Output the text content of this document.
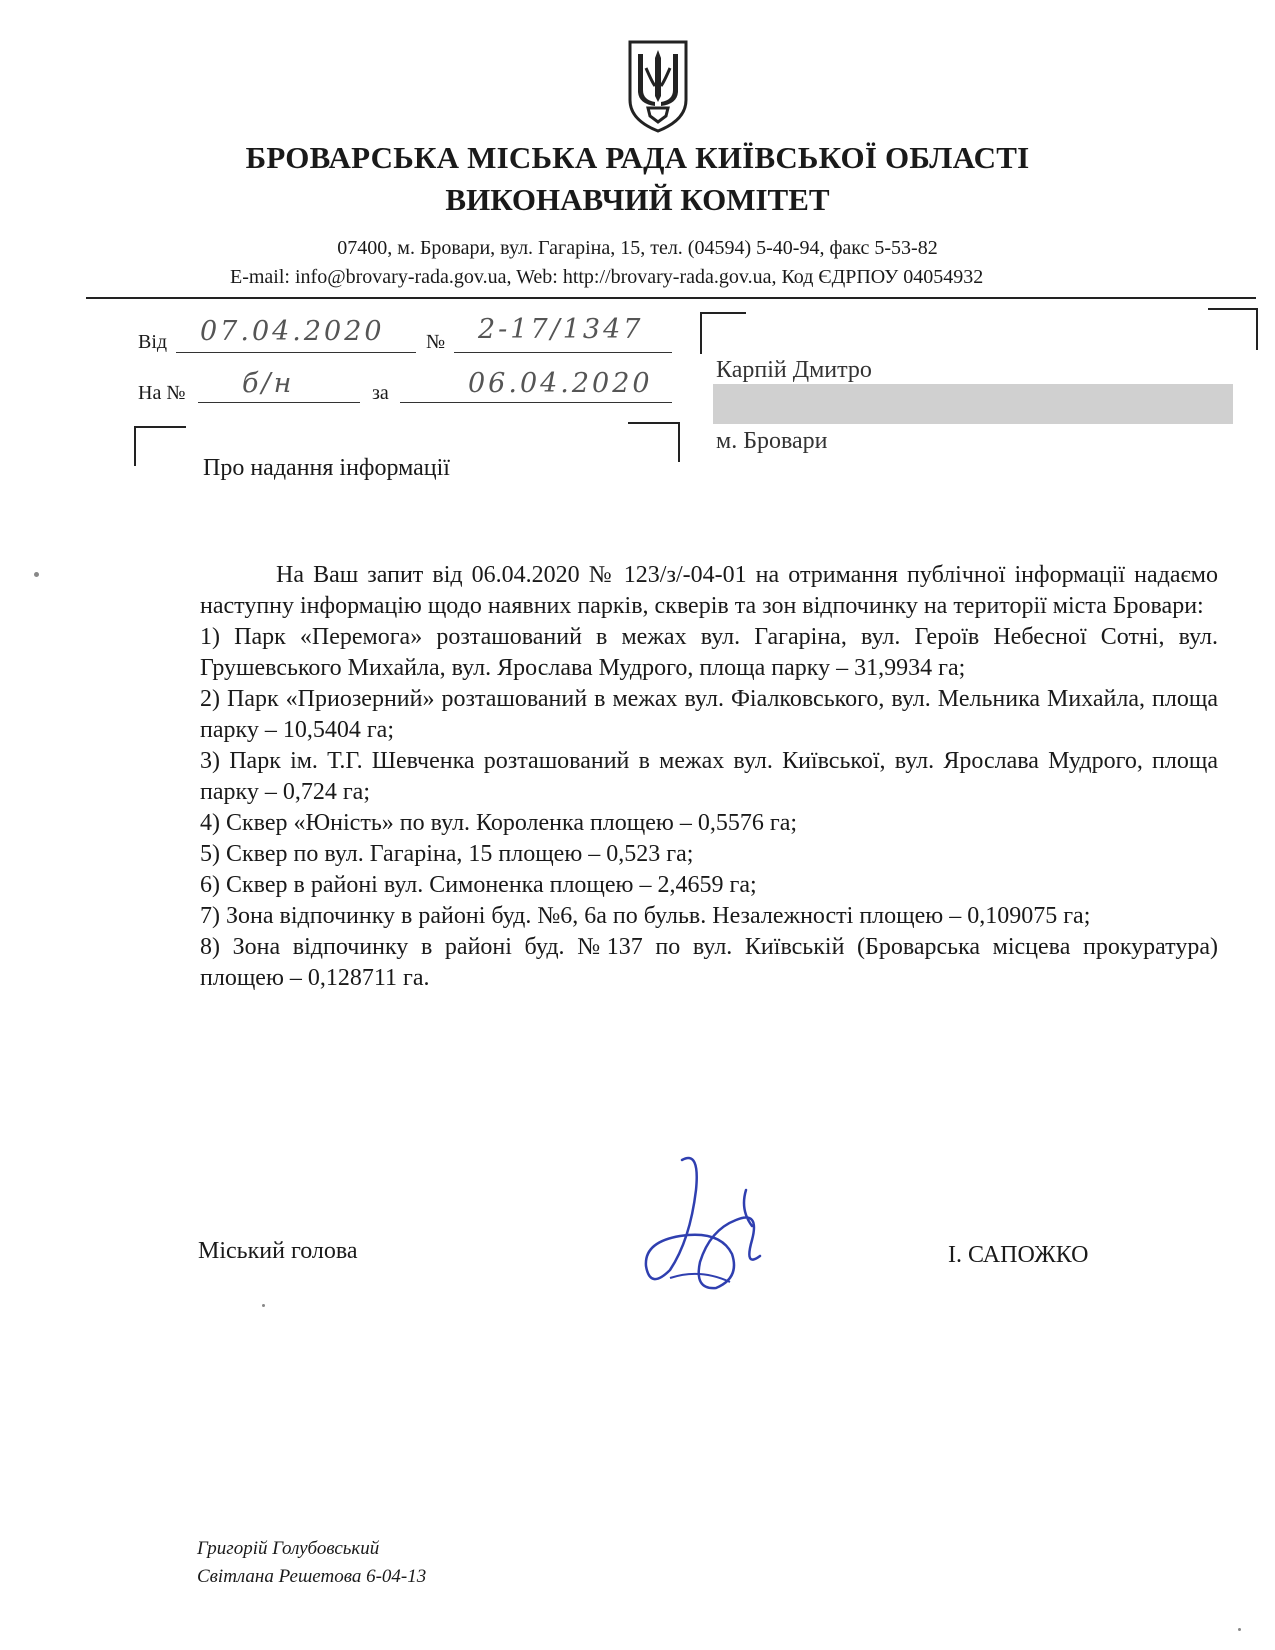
БРОВАРСЬКА МІСЬКА РАДА КИЇВСЬКОЇ ОБЛАСТІ
ВИКОНАВЧИЙ КОМІТЕТ
07400, м. Бровари, вул. Гагаріна, 15, тел. (04594) 5-40-94, факс 5-53-82
E-mail: info@brovary-rada.gov.ua, Web: http://brovary-rada.gov.ua, Код ЄДРПОУ 04054932
Від 07.04.2020 № 2-17/1347
На № б/н	за	06.04.2020	Карпій Дмитро
м. Бровари
Про надання інформації

На Ваш запит від 06.04.2020 № 123/з/-04-01 на отримання публічної інформації надаємо наступну інформацію щодо наявних парків, скверів та зон відпочинку на території міста Бровари:

1) Парк «Перемога» розташований в межах вул. Гагаріна, вул. Героїв Небесної Сотні, вул. Грушевського Михайла, вул. Ярослава Мудрого, площа парку – 31,9934 га;

2) Парк «Приозерний» розташований в межах вул. Фіалковського, вул. Мельника Михайла, площа парку – 10,5404 га;

3) Парк ім. Т.Г. Шевченка розташований в межах вул. Київської, вул. Ярослава Мудрого, площа парку – 0,724 га;

4) Сквер «Юність» по вул. Короленка площею – 0,5576 га;

5) Сквер по вул. Гагаріна, 15 площею – 0,523 га;

6) Сквер в районі вул. Симоненка площею – 2,4659 га;

7) Зона відпочинку в районі буд. №6, 6а по бульв. Незалежності площею – 0,109075 га;

8) Зона відпочинку в районі буд. №137 по вул. Київській (Броварська місцева прокуратура) площею – 0,128711 га.

Міський голова	І. САПОЖКО
Григорій Голубовський
Світлана Решетова 6-04-13
